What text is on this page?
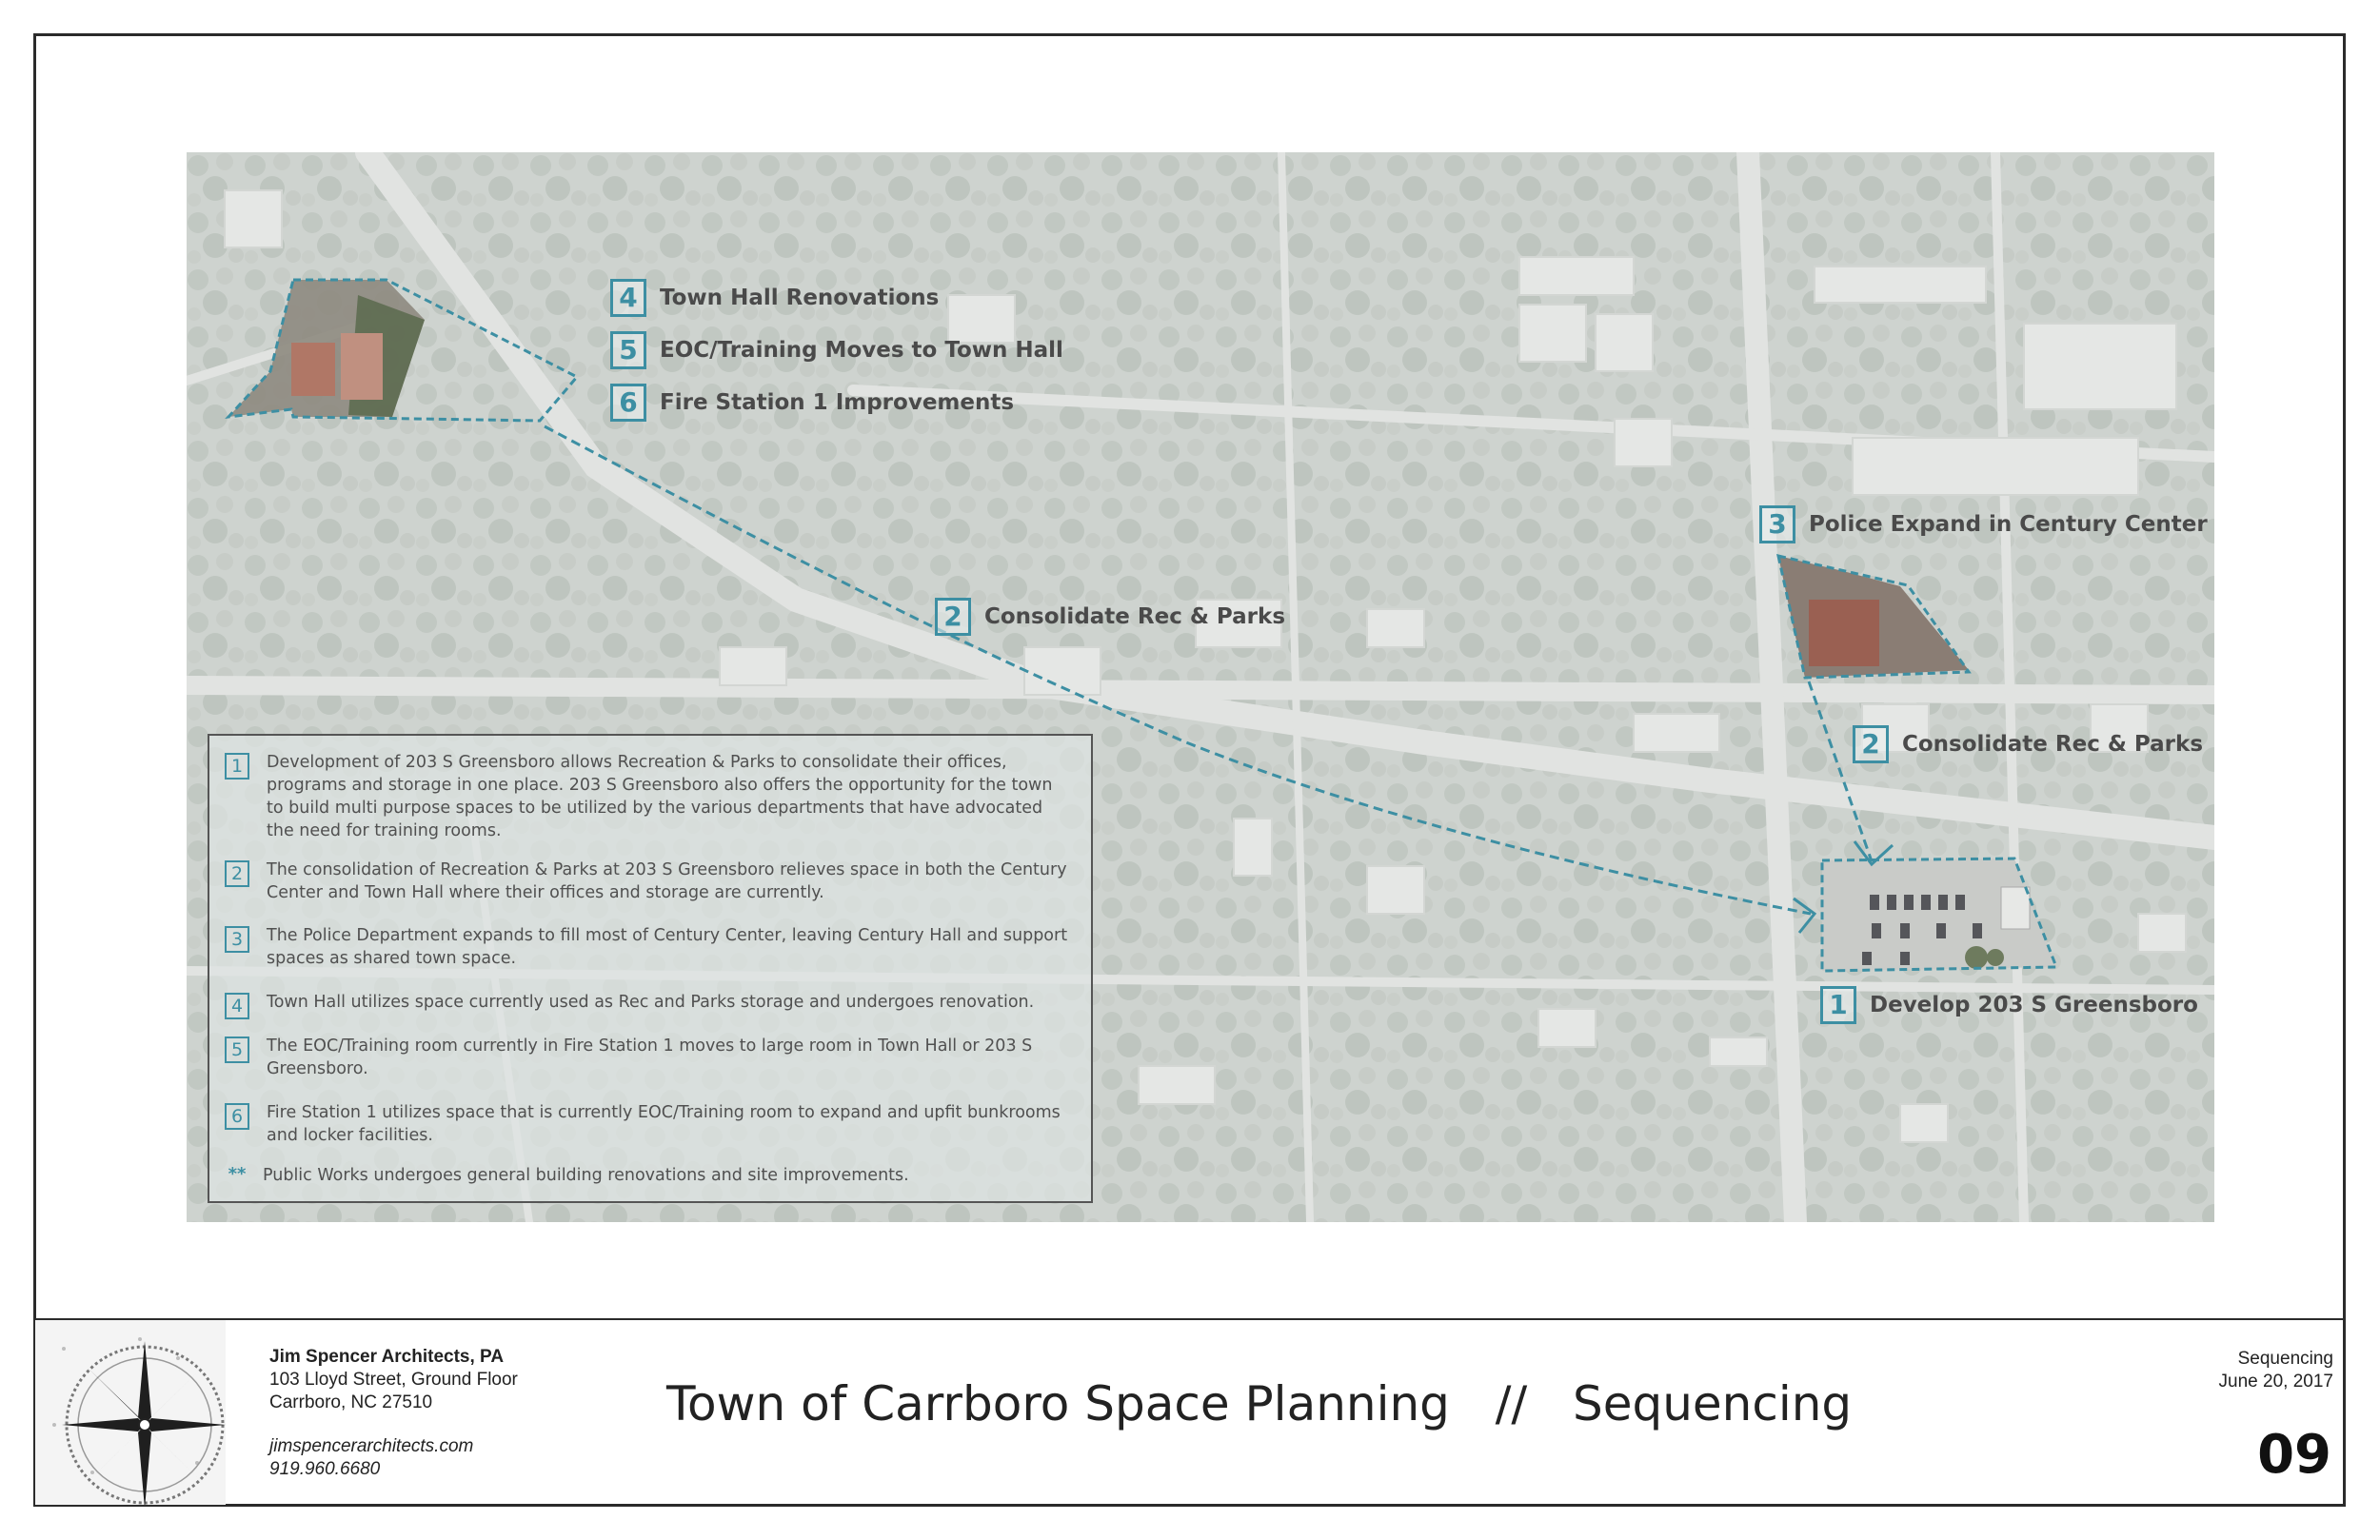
4	Town Hall Renovations
5	EOC/Training Moves to Town Hall
6	Fire Station 1 Improvements
3	Police Expand in Century Center
2	Consolidate Rec & Parks
2	Consolidate Rec & Parks
1	Develop 203 S Greensboro
1	Development of 203 S Greensboro allows Recreation & Parks to consolidate their offices, programs and storage in one place. 203 S Greensboro also offers the opportunity for the town to build multi purpose spaces to be utilized by the various departments that have advocated the need for training rooms.
2	The consolidation of Recreation & Parks at 203 S Greensboro relieves space in both the Century Center and Town Hall where their offices and storage are currently.
3	The Police Department expands to fill most of Century Center, leaving Century Hall and support spaces as shared town space.
4	Town Hall utilizes space currently used as Rec and Parks storage and undergoes renovation.
5	The EOC/Training room currently in Fire Station 1 moves to large room in Town Hall or 203 S Greensboro.
6	Fire Station 1 utilizes space that is currently EOC/Training room to expand and upfit bunkrooms and locker facilities.
** Public Works undergoes general building renovations and site improvements.
Jim Spencer Architects, PA
103 Lloyd Street, Ground Floor
Carrboro, NC 27510
jimspencerarchitects.com
919.960.6680
Town of Carrboro Space Planning   //   Sequencing
Sequencing
June 20, 2017
09
